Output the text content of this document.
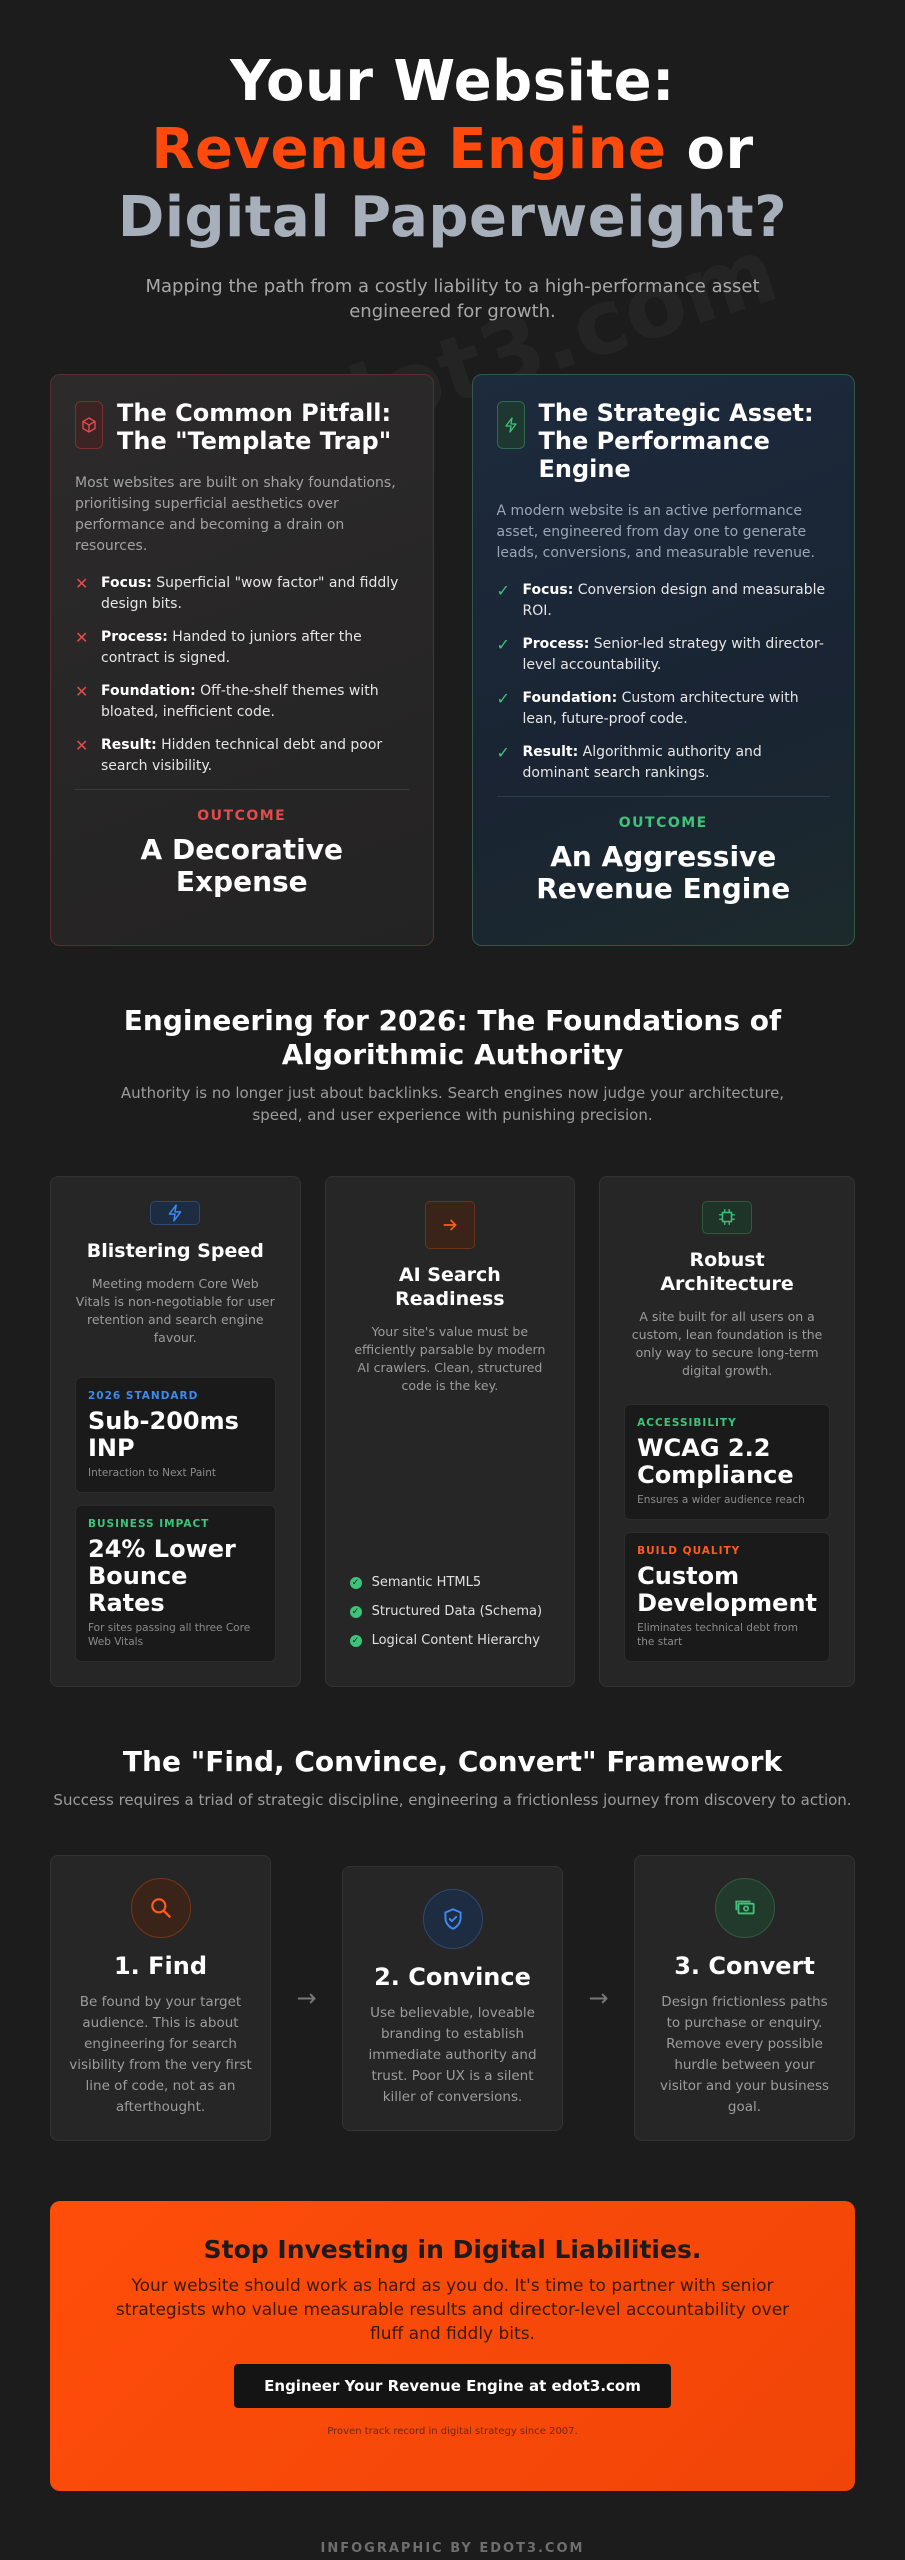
Your Website: Revenue Engine or Digital Paperweight?

Mapping the path from a costly liability to a high-performance asset engineered for growth.

The Common Pitfall: The "Template Trap"

Most websites are built on shaky foundations, prioritising superficial aesthetics over performance and becoming a drain on resources.

✕ Focus: Superficial "wow factor" and fiddly design bits.
✕ Process: Handed to juniors after the contract is signed.
✕ Foundation: Off-the-shelf themes with bloated, inefficient code.
✕ Result: Hidden technical debt and poor search visibility.
OUTCOME
A Decorative Expense
The Strategic Asset: The Performance Engine

A modern website is an active performance asset, engineered from day one to generate leads, conversions, and measurable revenue.

✓ Focus: Conversion design and measurable ROI.
✓ Process: Senior-led strategy with director-level accountability.
✓ Foundation: Custom architecture with lean, future-proof code.
✓ Result: Algorithmic authority and dominant search rankings.
OUTCOME
An Aggressive Revenue Engine
Engineering for 2026: The Foundations of Algorithmic Authority

Authority is no longer just about backlinks. Search engines now judge your architecture, speed, and user experience with punishing precision.

Blistering Speed

Meeting modern Core Web Vitals is non-negotiable for user retention and search engine favour.

2026 STANDARD
Sub-200ms INP
Interaction to Next Paint
BUSINESS IMPACT
24% Lower Bounce Rates
For sites passing all three Core Web Vitals
AI Search Readiness

Your site's value must be efficiently parsable by modern AI crawlers. Clean, structured code is the key.

✓ Semantic HTML5
✓ Structured Data (Schema)
✓ Logical Content Hierarchy
Robust Architecture

A site built for all users on a custom, lean foundation is the only way to secure long-term digital growth.

ACCESSIBILITY
WCAG 2.2 Compliance
Ensures a wider audience reach
BUILD QUALITY
Custom Development
Eliminates technical debt from the start
The "Find, Convince, Convert" Framework

Success requires a triad of strategic discipline, engineering a frictionless journey from discovery to action.

1. Find

Be found by your target audience. This is about engineering for search visibility from the very first line of code, not as an afterthought.

→
2. Convince

Use believable, loveable branding to establish immediate authority and trust. Poor UX is a silent killer of conversions.

→
3. Convert

Design frictionless paths to purchase or enquiry. Remove every possible hurdle between your visitor and your business goal.

Stop Investing in Digital Liabilities.

Your website should work as hard as you do. It's time to partner with senior strategists who value measurable results and director-level accountability over fluff and fiddly bits.

Engineer Your Revenue Engine at edot3.com

Proven track record in digital strategy since 2007.

INFOGRAPHIC BY EDOT3.COM
